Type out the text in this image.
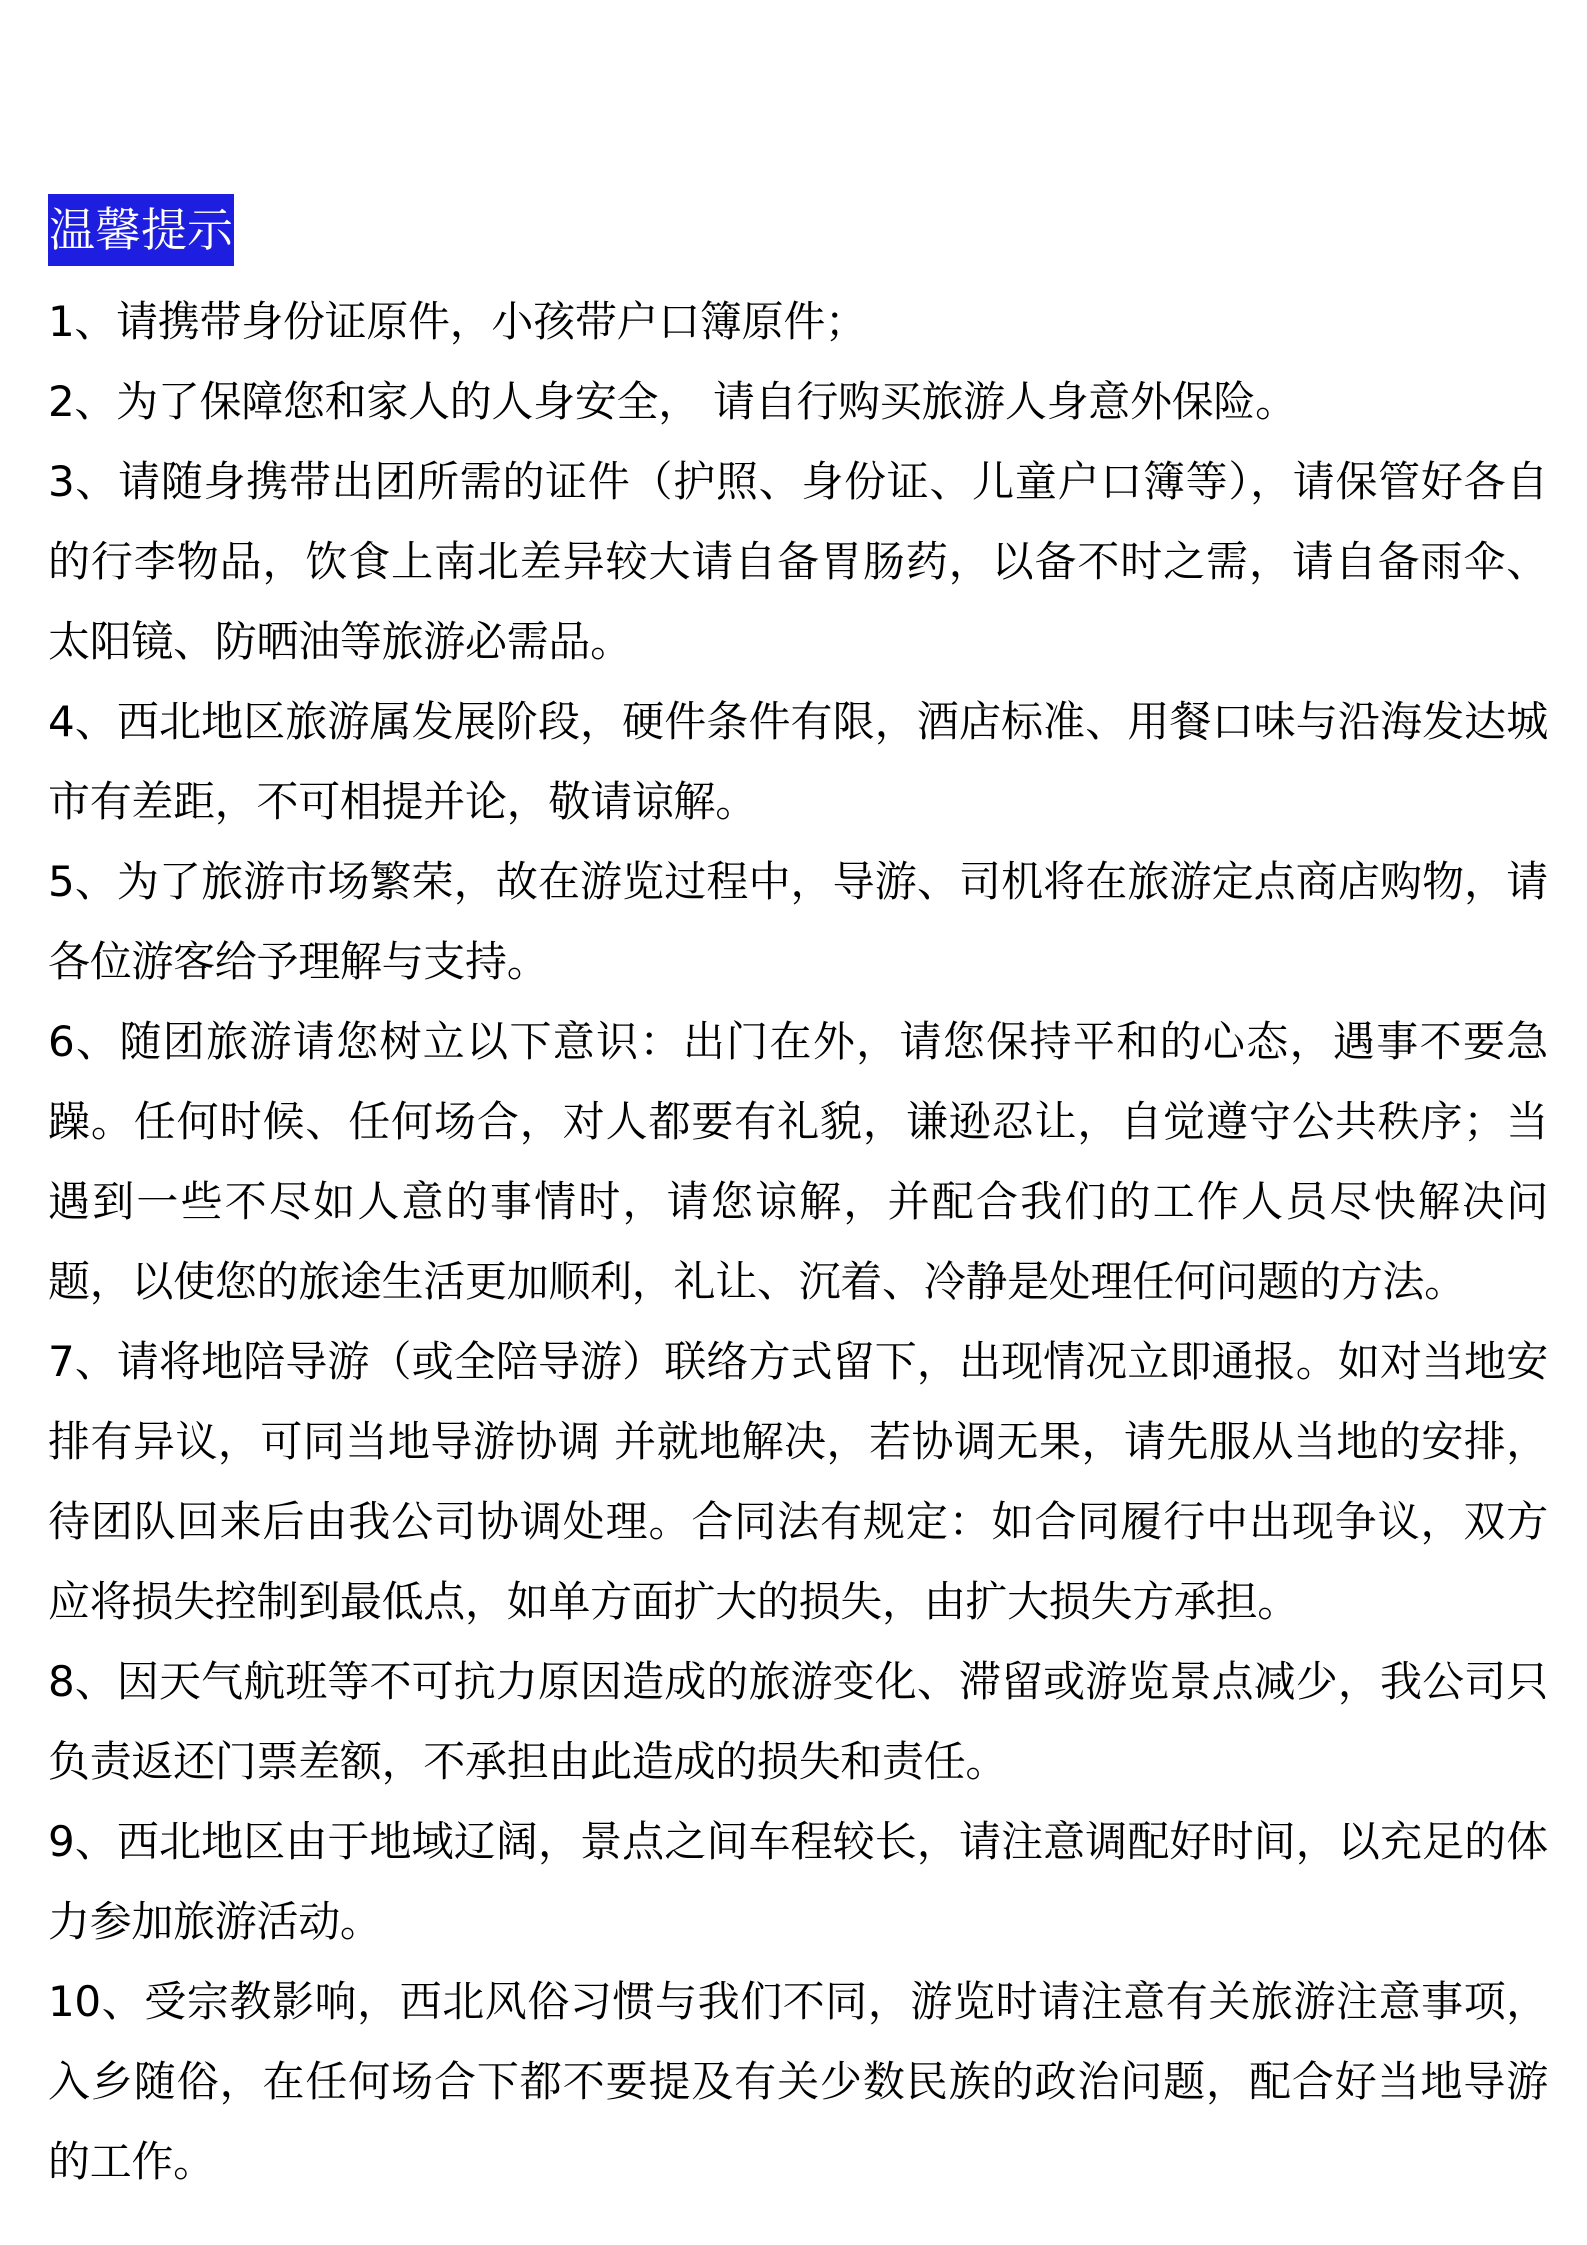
温馨提示

1、请携带身份证原件，小孩带户口簿原件；

2、为了保障您和家人的人身安全， 请自行购买旅游人身意外保险。

3、请随身携带出团所需的证件（护照、身份证、儿童户口簿等），请保管好各自的行李物品，饮食上南北差异较大请自备胃肠药，以备不时之需，请自备雨伞、太阳镜、防晒油等旅游必需品。

4、西北地区旅游属发展阶段，硬件条件有限，酒店标准、用餐口味与沿海发达城市有差距，不可相提并论，敬请谅解。

5、为了旅游市场繁荣，故在游览过程中，导游、司机将在旅游定点商店购物，请各位游客给予理解与支持。

6、随团旅游请您树立以下意识：出门在外，请您保持平和的心态，遇事不要急躁。任何时候、任何场合，对人都要有礼貌，谦逊忍让，自觉遵守公共秩序；当遇到一些不尽如人意的事情时，请您谅解，并配合我们的工作人员尽快解决问题，以使您的旅途生活更加顺利，礼让、沉着、冷静是处理任何问题的方法。

7、请将地陪导游（或全陪导游）联络方式留下，出现情况立即通报。如对当地安排有异议，可同当地导游协调 并就地解决，若协调无果，请先服从当地的安排，待团队回来后由我公司协调处理。合同法有规定：如合同履行中出现争议，双方应将损失控制到最低点，如单方面扩大的损失，由扩大损失方承担。

8、因天气航班等不可抗力原因造成的旅游变化、滞留或游览景点减少，我公司只负责返还门票差额，不承担由此造成的损失和责任。

9、西北地区由于地域辽阔，景点之间车程较长，请注意调配好时间，以充足的体力参加旅游活动。

10、受宗教影响，西北风俗习惯与我们不同，游览时请注意有关旅游注意事项，入乡随俗，在任何场合下都不要提及有关少数民族的政治问题，配合好当地导游的工作。
